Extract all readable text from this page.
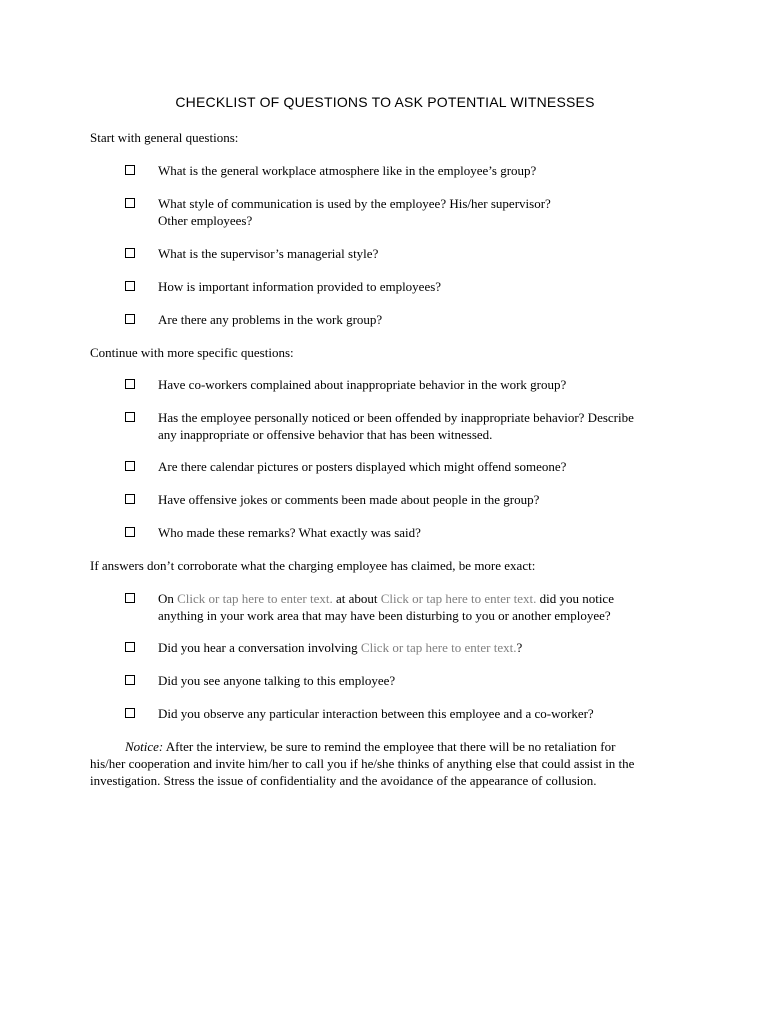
CHECKLIST OF QUESTIONS TO ASK POTENTIAL WITNESSES
Start with general questions:
What is the general workplace atmosphere like in the employee’s group?
What style of communication is used by the employee? His/her supervisor?
Other employees?
What is the supervisor’s managerial style?
How is important information provided to employees?
Are there any problems in the work group?
Continue with more specific questions:
Have co-workers complained about inappropriate behavior in the work group?
Has the employee personally noticed or been offended by inappropriate behavior? Describe
any inappropriate or offensive behavior that has been witnessed.
Are there calendar pictures or posters displayed which might offend someone?
Have offensive jokes or comments been made about people in the group?
Who made these remarks? What exactly was said?
If answers don’t corroborate what the charging employee has claimed, be more exact:
On Click or tap here to enter text. at about Click or tap here to enter text. did you notice
anything in your work area that may have been disturbing to you or another employee?
Did you hear a conversation involving Click or tap here to enter text.?
Did you see anyone talking to this employee?
Did you observe any particular interaction between this employee and a co-worker?
Notice: After the interview, be sure to remind the employee that there will be no retaliation for
his/her cooperation and invite him/her to call you if he/she thinks of anything else that could assist in the
investigation. Stress the issue of confidentiality and the avoidance of the appearance of collusion.
